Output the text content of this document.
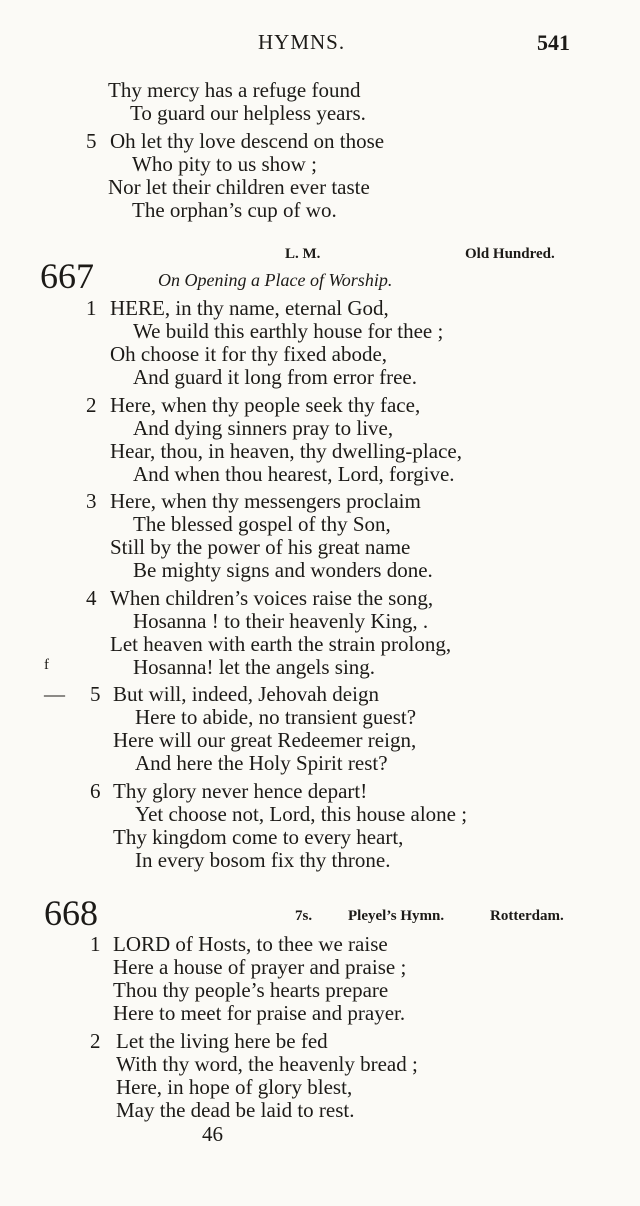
HYMNS.	541
Thy mercy has a refuge found
To guard our helpless years.
5 Oh let thy love descend on those
Who pity to us show ;
Nor let their children ever taste
The orphan’s cup of wo.
L. M.	Old Hundred.
667	On Opening a Place of Worship.
1 HERE, in thy name, eternal God,
We build this earthly house for thee ;
Oh choose it for thy fixed abode,
And guard it long from error free.
2 Here, when thy people seek thy face,
And dying sinners pray to live,
Hear, thou, in heaven, thy dwelling-place,
And when thou hearest, Lord, forgive.
3 Here, when thy messengers proclaim
The blessed gospel of thy Son,
Still by the power of his great name
Be mighty signs and wonders done.
4 When children’s voices raise the song,
Hosanna ! to their heavenly King, .
Let heaven with earth the strain prolong,
f	Hosanna! let the angels sing.
— 5 But will, indeed, Jehovah deign
Here to abide, no transient guest?
Here will our great Redeemer reign,
And here the Holy Spirit rest?
6 Thy glory never hence depart!
Yet choose not, Lord, this house alone ;
Thy kingdom come to every heart,
In every bosom fix thy throne.
668	7s. Pleyel’s Hymn.	Rotterdam.
1 LORD of Hosts, to thee we raise
Here a house of prayer and praise ;
Thou thy people’s hearts prepare
Here to meet for praise and prayer.
2 Let the living here be fed
With thy word, the heavenly bread ;
Here, in hope of glory blest,
May the dead be laid to rest.
46
